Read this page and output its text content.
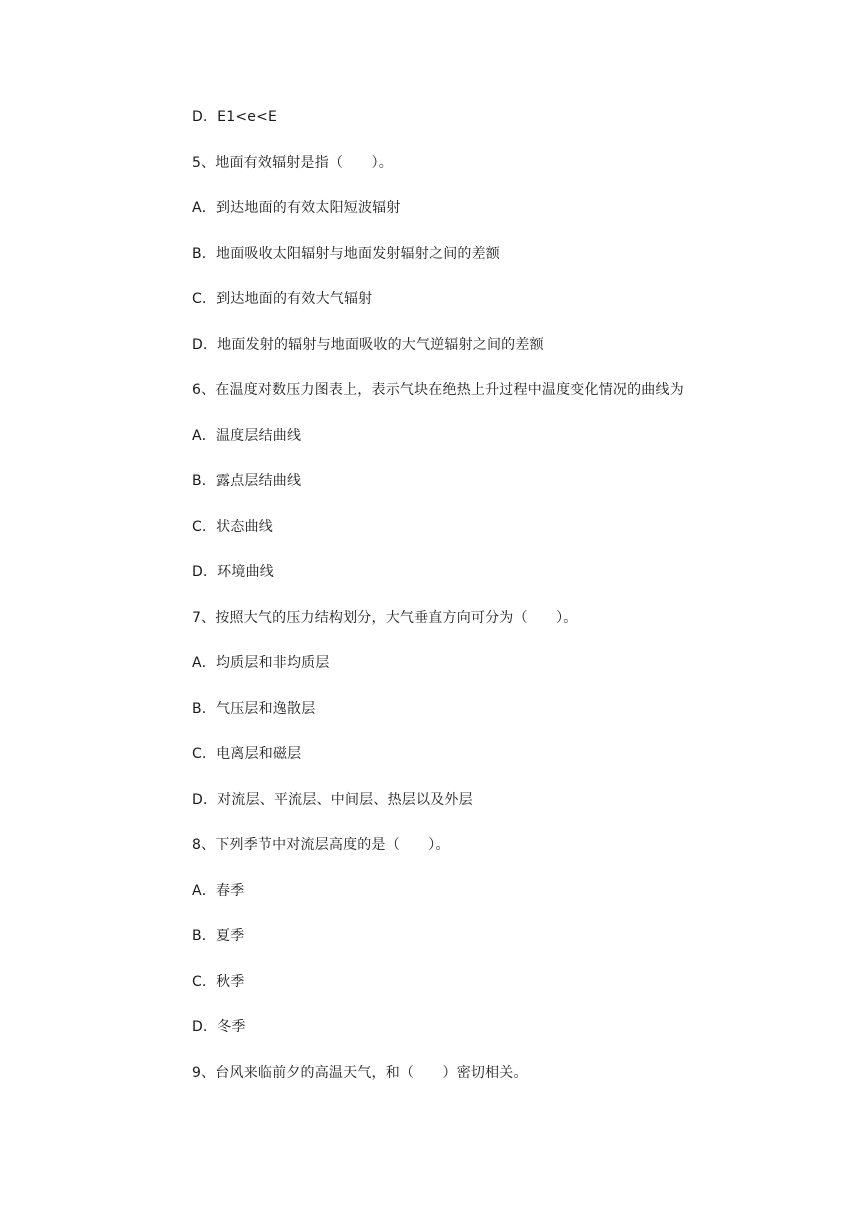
D．E1<e<E
5、地面有效辐射是指（　　）。
A．到达地面的有效太阳短波辐射
B．地面吸收太阳辐射与地面发射辐射之间的差额
C．到达地面的有效大气辐射
D．地面发射的辐射与地面吸收的大气逆辐射之间的差额
6、在温度对数压力图表上，表示气块在绝热上升过程中温度变化情况的曲线为
A．温度层结曲线
B．露点层结曲线
C．状态曲线
D．环境曲线
7、按照大气的压力结构划分，大气垂直方向可分为（　　）。
A．均质层和非均质层
B．气压层和逸散层
C．电离层和磁层
D．对流层、平流层、中间层、热层以及外层
8、下列季节中对流层高度的是（　　）。
A．春季
B．夏季
C．秋季
D．冬季
9、台风来临前夕的高温天气，和（　　）密切相关。
